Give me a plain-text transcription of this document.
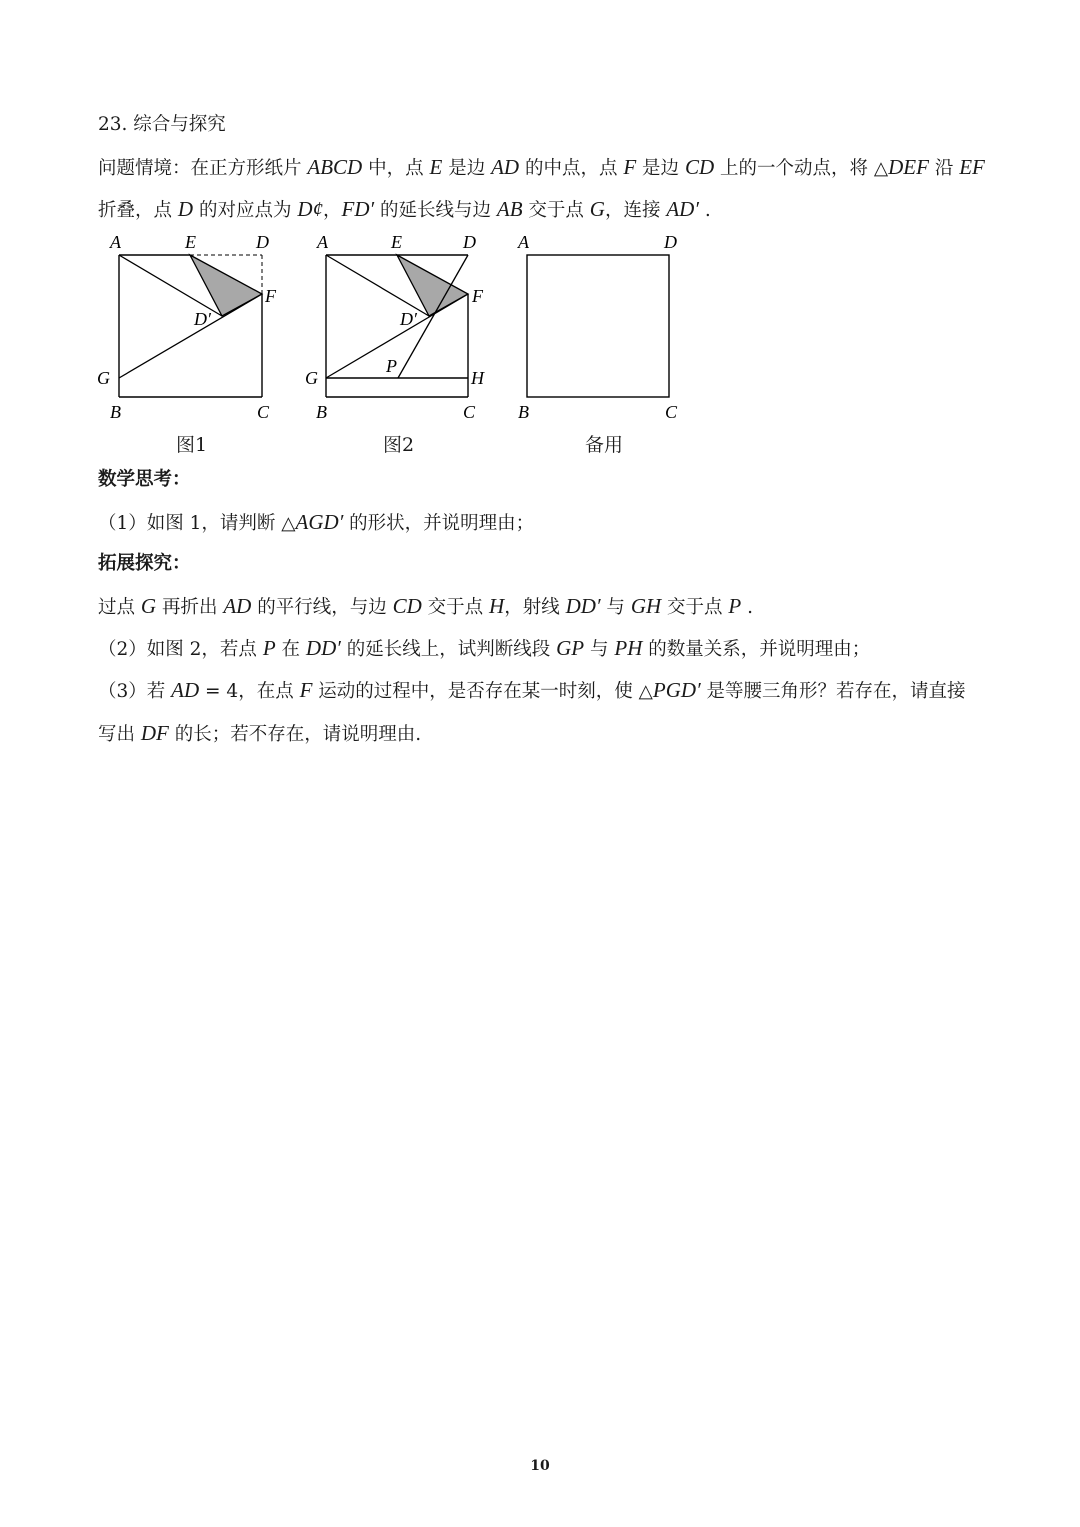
23. 综合与探究
问题情境：在正方形纸片 ABCD 中，点 E 是边 AD 的中点，点 F 是边 CD 上的一个动点，将 △DEF 沿 EF
折叠，点 D 的对应点为 D¢，FD′ 的延长线与边 AB 交于点 G，连接 AD′ .
A	E	D
F
D′
G
B	C
图1
A	E	D
F
D′
P
G	H
B	C
图2
A	D
B	C
备用
数学思考：
（1）如图 1，请判断 △AGD′ 的形状，并说明理由；
拓展探究：
过点 G 再折出 AD 的平行线，与边 CD 交于点 H，射线 DD′ 与 GH 交于点 P .
（2）如图 2，若点 P 在 DD′ 的延长线上，试判断线段 GP 与 PH 的数量关系，并说明理由；
（3）若 AD = 4，在点 F 运动的过程中，是否存在某一时刻，使 △PGD′ 是等腰三角形？若存在，请直接
写出 DF 的长；若不存在，请说明理由.
10
